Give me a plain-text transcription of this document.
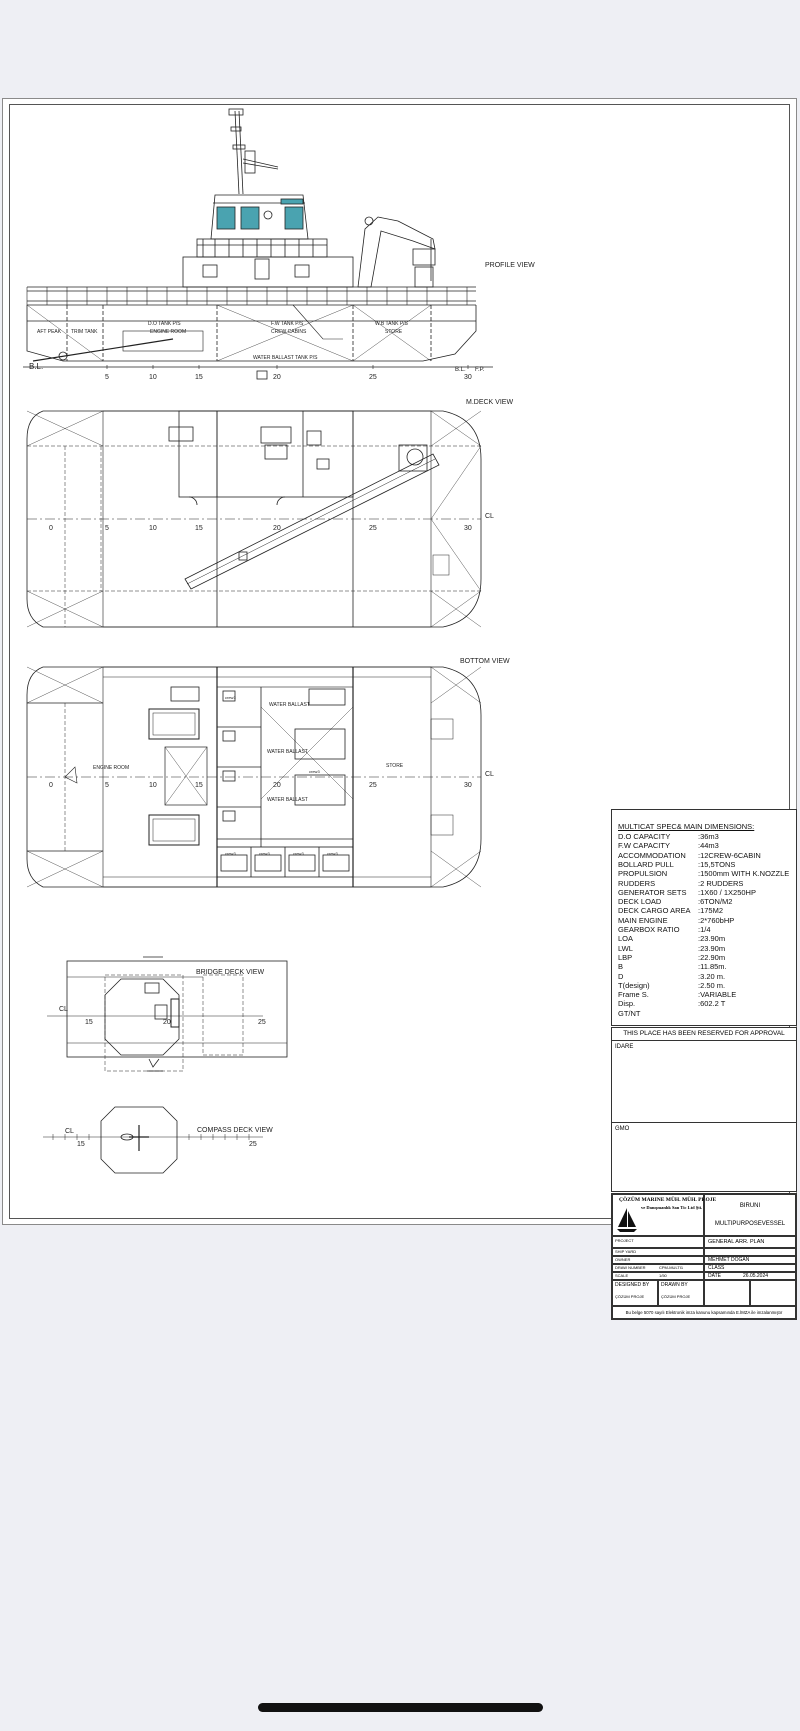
PROFILE VIEW
M.DECK VIEW
BOTTOM VIEW
BRIDGE DECK VIEW
COMPASS DECK VIEW
AFT PEAK TRIM TANK
D.O TANK P/S
ENGINE ROOM
F.W TANK P/S
CREW CABINS
W.B TANK P/S
STORE
WATER BALLAST TANK P/S
B.L.	B.L. F.P.
5	10	15	20	25	30
0	5	10	15	20	25	30
CL
0	5	10	15	20	25	30
CL
ENGINE ROOM
WATER BALLAST
WATER BALLAST
WATER BALLAST
STORE
crew3
crew3
crew3	crew3	crew3	crew3
CL
15	20	25
CL
15	25
MULTICAT SPEC& MAIN DIMENSIONS:
D.O CAPACITY	:36m3
F.W CAPACITY	:44m3
ACCOMMODATION :12CREW-6CABIN
BOLLARD PULL	:15,5TONS
PROPULSION	:1500mm WITH K.NOZZLE
RUDDERS	:2 RUDDERS
GENERATOR SETS :1X60 / 1X250HP
DECK LOAD	:6TON/M2
DECK CARGO AREA :175M2
MAIN ENGINE	:2*760bHP
GEARBOX RATIO :1/4
LOA	:23.90m
LWL	:23.90m
LBP	:22.90m
B	:11.85m.
D	:3.20 m.
T(design)	:2.50 m.
Frame S.	:VARIABLE
Disp.	:602.2 T
GT/NT
THIS PLACE HAS BEEN RESERVED FOR APPROVAL
IDARE
GMO
ÇÖZÜM MARINE MÜH. MÜH. PROJE
ve Danışmanlık San Tic Ltd Şti.	BIRUNI
MULTIPURPOSEVESSEL
PROJECT	GENERAL ARR. PLAN
SHIP YARD
OWNER	MEHMET DOGAN
DRAW NUMBER	CPM-MULTI1	CLASS
SCALE	1/50	DATE	26.05.2024
DESIGNED BY
ÇÖZÜM PROJE
DRAWN BY
ÇÖZÜM PROJE
Bu belge 5070 sayılı Elektronik imza kanunu kapsamında E.İMZA ile imzalanmıştır
